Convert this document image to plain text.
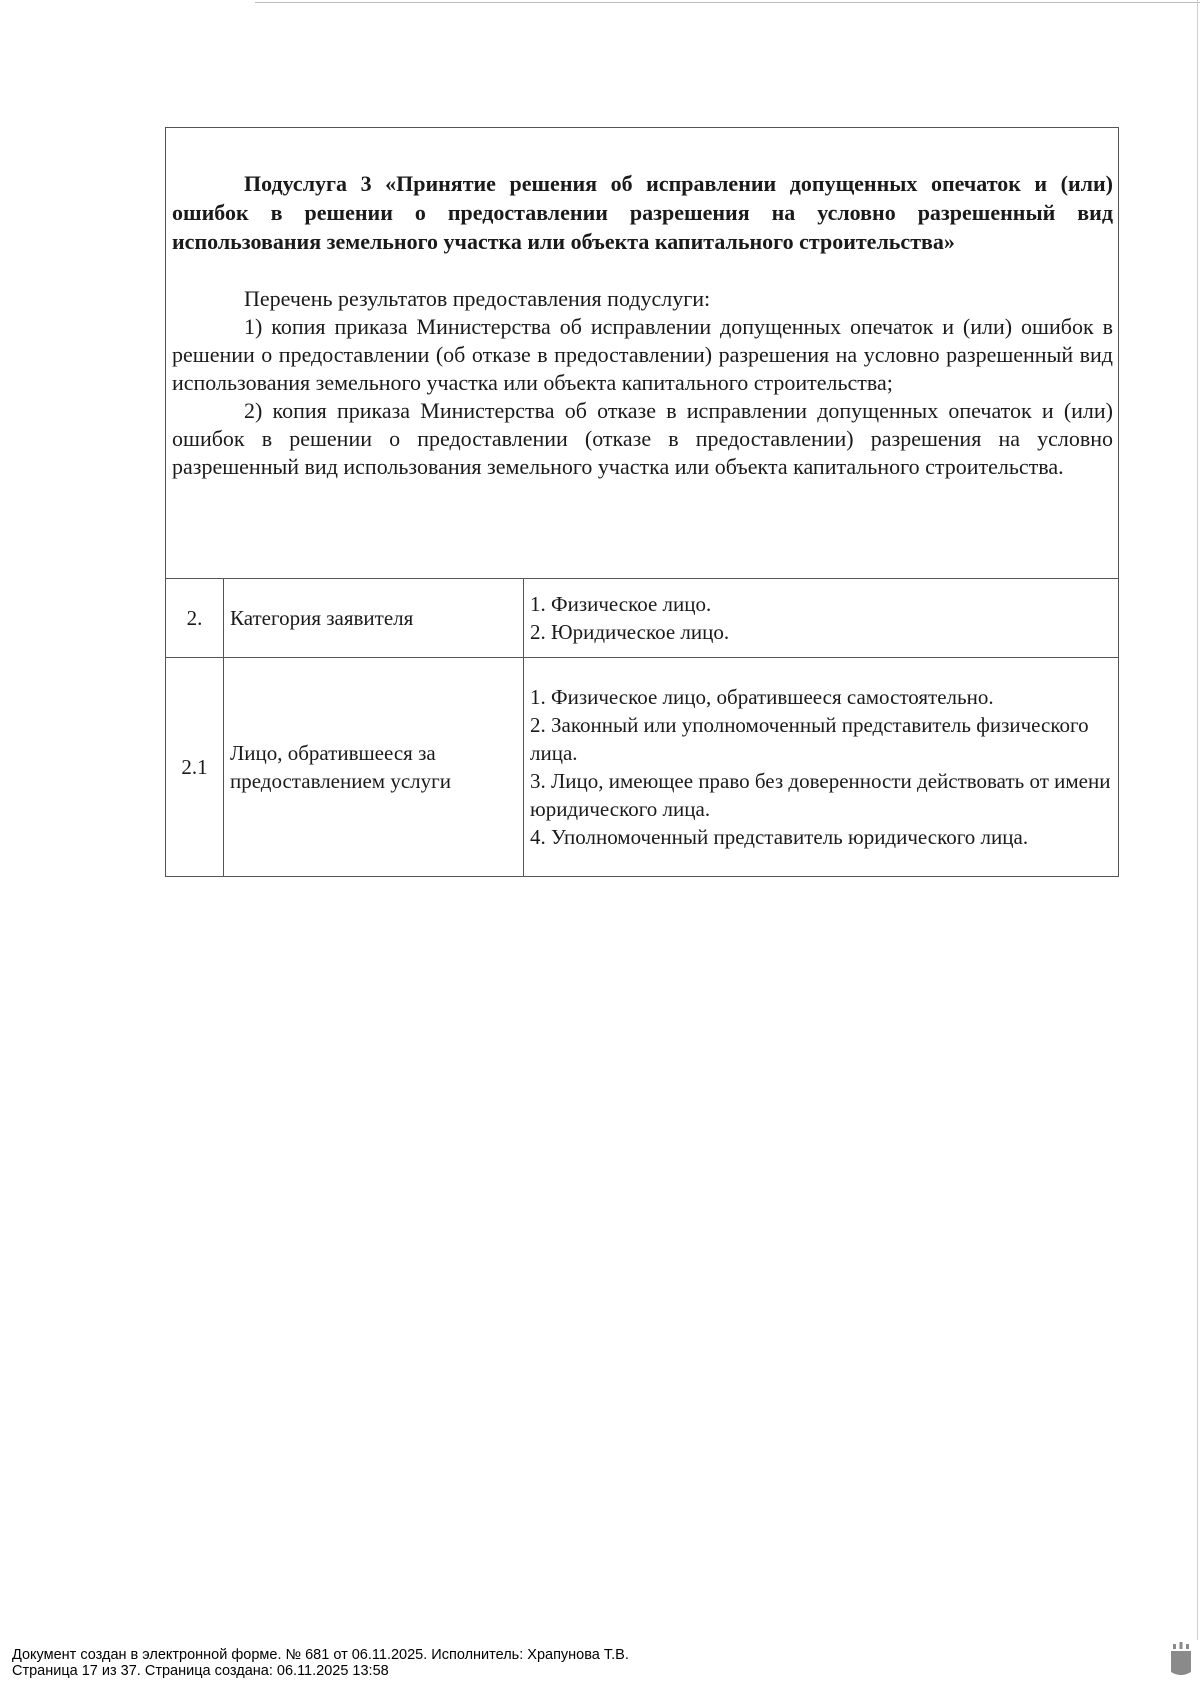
Подуслуга 3 «Принятие решения об исправлении допущенных опечаток и (или) ошибок в решении о предоставлении разрешения на условно разрешенный вид использования земельного участка или объекта капитального строительства»

Перечень результатов предоставления подуслуги:

1) копия приказа Министерства об исправлении допущенных опечаток и (или) ошибок в решении о предоставлении (об отказе в предоставлении) разрешения на условно разрешенный вид использования земельного участка или объекта капитального строительства;

2) копия приказа Министерства об отказе в исправлении допущенных опечаток и (или) ошибок в решении о предоставлении (отказе в предоставлении) разрешения на условно разрешенный вид использования земельного участка или объекта капитального строительства.		

2.	Категория заявителя	1. Физическое лицо.
2. Юридическое лицо.

2.1	Лицо, обратившееся за предоставлением услуги	1. Физическое лицо, обратившееся самостоятельно.
2. Законный или уполномоченный представитель физического лица.
3. Лицо, имеющее право без доверенности действовать от имени юридического лица.
4. Уполномоченный представитель юридического лица.
Документ создан в электронной форме. № 681 от 06.11.2025. Исполнитель: Храпунова Т.В.
Страница 17 из 37. Страница создана: 06.11.2025 13:58
